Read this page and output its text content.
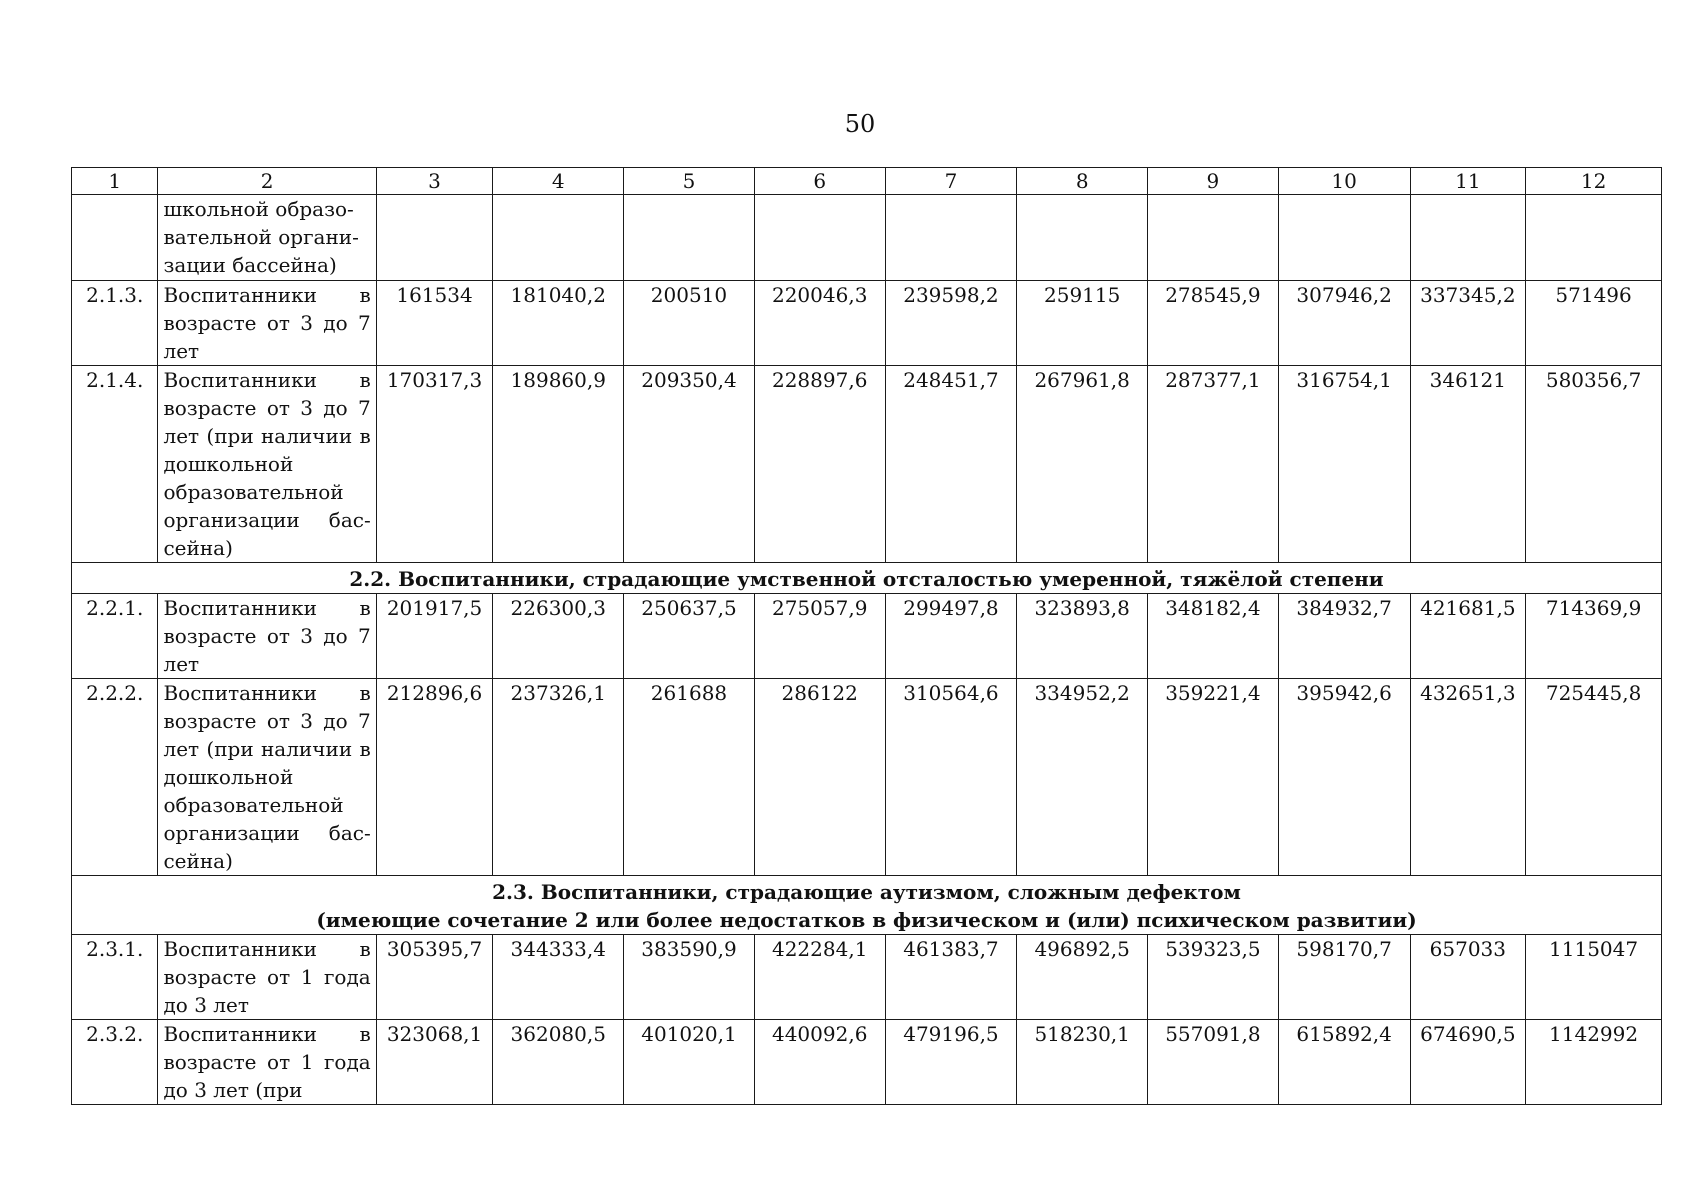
50
1	2	3	4	5	6	7	8	9	10	11	12

	школьной образо-
вательной органи-
зации бассейна)										

2.1.3.	Воспитанники в возрасте от 3 до 7 лет	161534	181040,2	200510	220046,3	239598,2	259115	278545,9	307946,2	337345,2	571496
2.1.4.	Воспитанники в возрасте от 3 до 7 лет (при наличии в дошкольной образовательной организации бассейна)	170317,3	189860,9	209350,4	228897,6	248451,7	267961,8	287377,1	316754,1	346121	580356,7
2.2. Воспитанники, страдающие умственной отсталостью умеренной, тяжёлой степени											
2.2.1.	Воспитанники в возрасте от 3 до 7 лет	201917,5	226300,3	250637,5	275057,9	299497,8	323893,8	348182,4	384932,7	421681,5	714369,9
2.2.2.	Воспитанники в возрасте от 3 до 7 лет (при наличии в дошкольной образовательной организации бассейна)	212896,6	237326,1	261688	286122	310564,6	334952,2	359221,4	395942,6	432651,3	725445,8

2.3. Воспитанники, страдающие аутизмом, сложным дефектом
(имеющие сочетание 2 или более недостатков в физическом и (или) психическом развитии)											

2.3.1.	Воспитанники в возрасте от 1 года до 3 лет	305395,7	344333,4	383590,9	422284,1	461383,7	496892,5	539323,5	598170,7	657033	1115047
2.3.2.	Воспитанники в возрасте от 1 года до 3 лет (при	323068,1	362080,5	401020,1	440092,6	479196,5	518230,1	557091,8	615892,4	674690,5	1142992
